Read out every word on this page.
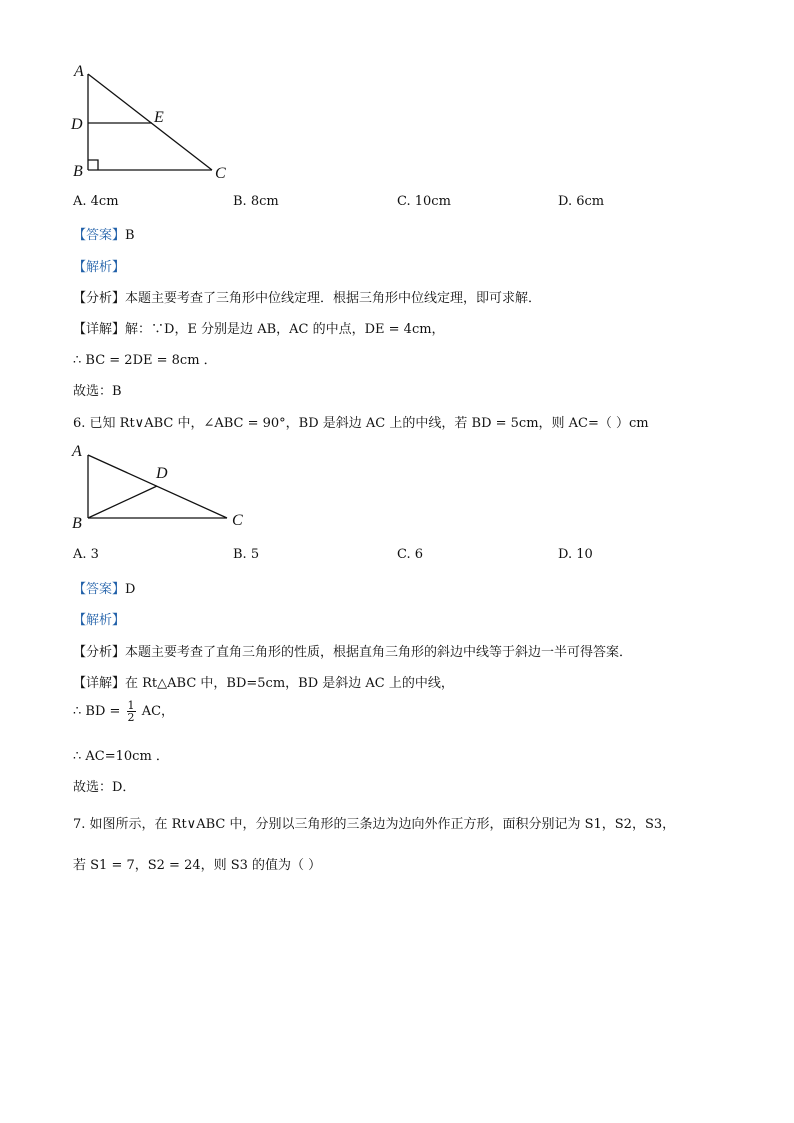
A
D	E
B	C
A. 4cm	B. 8cm	C. 10cm	D. 6cm
【答案】B
【解析】
【分析】本题主要考查了三角形中位线定理．根据三角形中位线定理，即可求解．
【详解】解：∵D，E 分别是边 AB，AC 的中点，DE = 4cm，
∴ BC = 2DE = 8cm ．
故选：B
6. 已知 Rt∨ABC 中，∠ABC = 90°，BD 是斜边 AC 上的中线，若 BD = 5cm，则 AC=（ ）cm
A
D
B	C
A. 3	B. 5	C. 6	D. 10
【答案】D
【解析】
【分析】本题主要考查了直角三角形的性质，根据直角三角形的斜边中线等于斜边一半可得答案．
【详解】在 Rt△ABC 中，BD=5cm，BD 是斜边 AC 上的中线，
∴ BD = $\frac{1}{2}$ AC，
∴ AC=10cm ．
故选：D．
7. 如图所示，在 Rt∨ABC 中，分别以三角形的三条边为边向外作正方形，面积分别记为 S1，S2，S3，
若 S1 = 7，S2 = 24，则 S3 的值为（ ）
